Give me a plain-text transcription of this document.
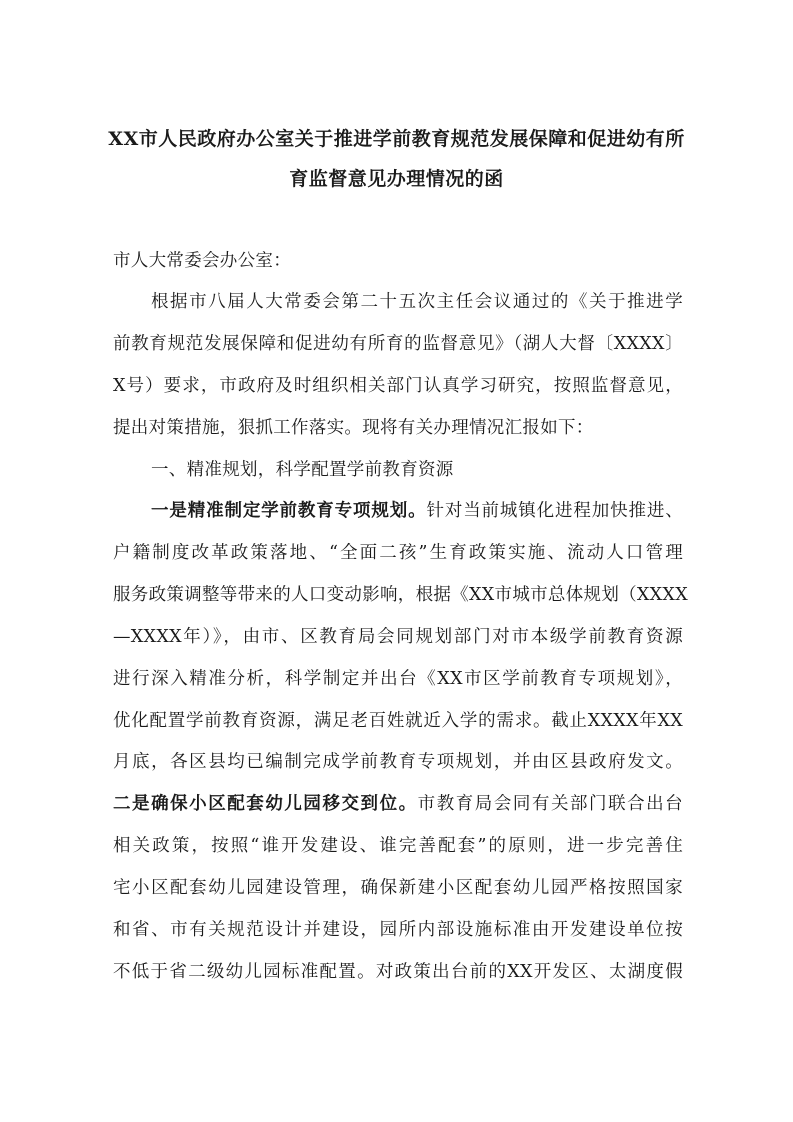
XX市人民政府办公室关于推进学前教育规范发展保障和促进幼有所
育监督意见办理情况的函
市人大常委会办公室：
根据市八届人大常委会第二十五次主任会议通过的《关于推进学
前教育规范发展保障和促进幼有所育的监督意见》（湖人大督〔XXXX〕
X号）要求，市政府及时组织相关部门认真学习研究，按照监督意见，
提出对策措施，狠抓工作落实。现将有关办理情况汇报如下：
一、精准规划，科学配置学前教育资源
一是精准制定学前教育专项规划。针对当前城镇化进程加快推进、
户籍制度改革政策落地、“全面二孩”生育政策实施、流动人口管理
服务政策调整等带来的人口变动影响，根据《XX市城市总体规划（XXXX
—XXXX年）》，由市、区教育局会同规划部门对市本级学前教育资源
进行深入精准分析，科学制定并出台《XX市区学前教育专项规划》，
优化配置学前教育资源，满足老百姓就近入学的需求。截止XXXX年XX
月底，各区县均已编制完成学前教育专项规划，并由区县政府发文。
二是确保小区配套幼儿园移交到位。市教育局会同有关部门联合出台
相关政策，按照“谁开发建设、谁完善配套”的原则，进一步完善住
宅小区配套幼儿园建设管理，确保新建小区配套幼儿园严格按照国家
和省、市有关规范设计并建设，园所内部设施标准由开发建设单位按
不低于省二级幼儿园标准配置。对政策出台前的XX开发区、太湖度假
